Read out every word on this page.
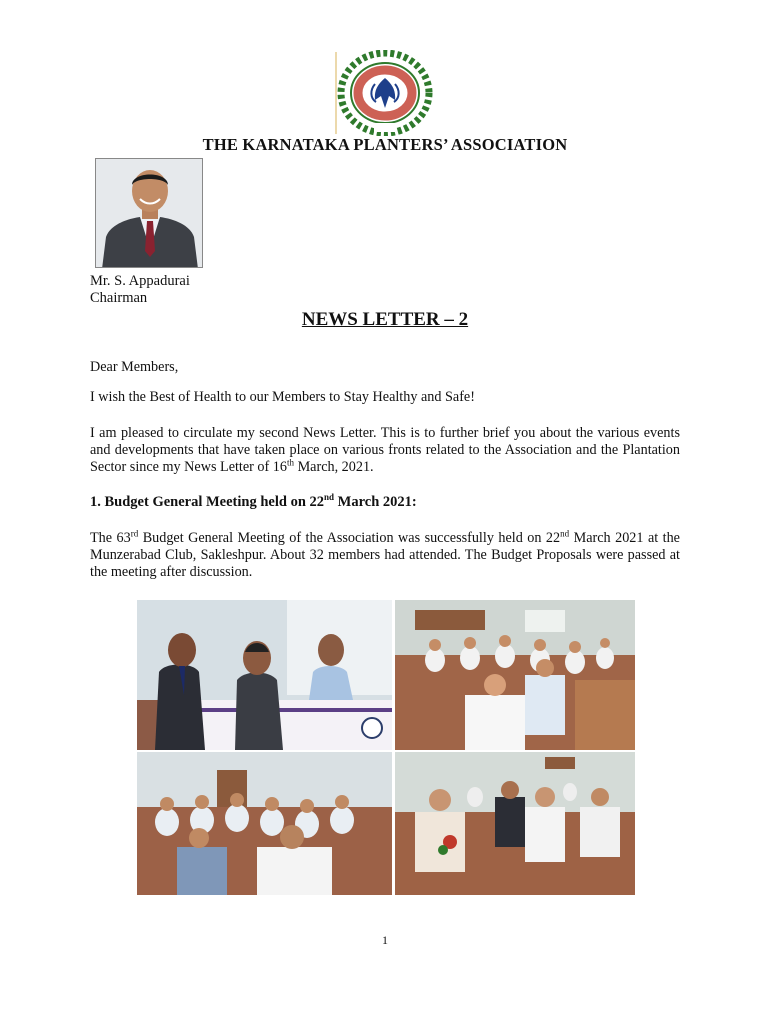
THE KARNATAKA PLANTERS’ ASSOCIATION
Mr. S. Appadurai
Chairman
NEWS LETTER – 2
Dear Members,
I wish the Best of Health to our Members to Stay Healthy and Safe!
I am pleased to circulate my second News Letter. This is to further brief you about the various events and developments that have taken place on various fronts related to the Association and the Plantation Sector since my News Letter of 16th March, 2021.
1. Budget General Meeting held on 22nd March 2021:
The 63rd Budget General Meeting of the Association was successfully held on 22nd March 2021 at the Munzerabad Club, Sakleshpur. About 32 members had attended. The Budget Proposals were passed at the meeting after discussion.
1
